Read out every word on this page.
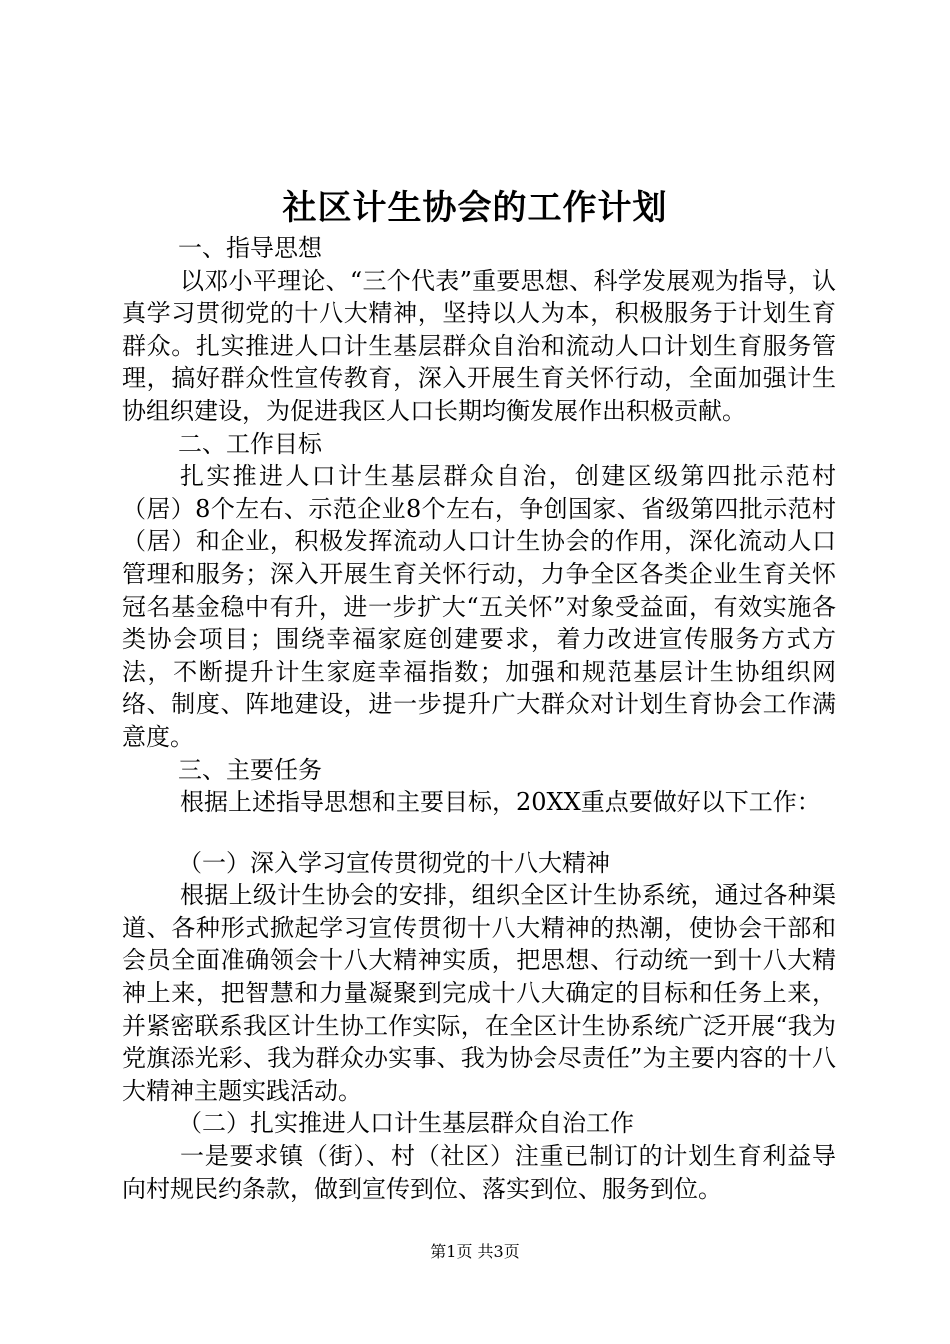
社区计生协会的工作计划

一、指导思想

以邓小平理论、“三个代表”重要思想、科学发展观为指导，认真学习贯彻党的十八大精神，坚持以人为本，积极服务于计划生育群众。扎实推进人口计生基层群众自治和流动人口计划生育服务管理，搞好群众性宣传教育，深入开展生育关怀行动，全面加强计生协组织建设，为促进我区人口长期均衡发展作出积极贡献。

二、工作目标

扎实推进人口计生基层群众自治，创建区级第四批示范村（居）8个左右、示范企业8个左右，争创国家、省级第四批示范村（居）和企业，积极发挥流动人口计生协会的作用，深化流动人口管理和服务；深入开展生育关怀行动，力争全区各类企业生育关怀冠名基金稳中有升，进一步扩大“五关怀”对象受益面，有效实施各类协会项目；围绕幸福家庭创建要求，着力改进宣传服务方式方法，不断提升计生家庭幸福指数；加强和规范基层计生协组织网络、制度、阵地建设，进一步提升广大群众对计划生育协会工作满意度。

三、主要任务

根据上述指导思想和主要目标，20XX重点要做好以下工作：

（一）深入学习宣传贯彻党的十八大精神

根据上级计生协会的安排，组织全区计生协系统，通过各种渠道、各种形式掀起学习宣传贯彻十八大精神的热潮，使协会干部和会员全面准确领会十八大精神实质，把思想、行动统一到十八大精神上来，把智慧和力量凝聚到完成十八大确定的目标和任务上来，并紧密联系我区计生协工作实际，在全区计生协系统广泛开展“我为党旗添光彩、我为群众办实事、我为协会尽责任”为主要内容的十八大精神主题实践活动。

（二）扎实推进人口计生基层群众自治工作

一是要求镇（街）、村（社区）注重已制订的计划生育利益导向村规民约条款，做到宣传到位、落实到位、服务到位。

第1页 共3页
